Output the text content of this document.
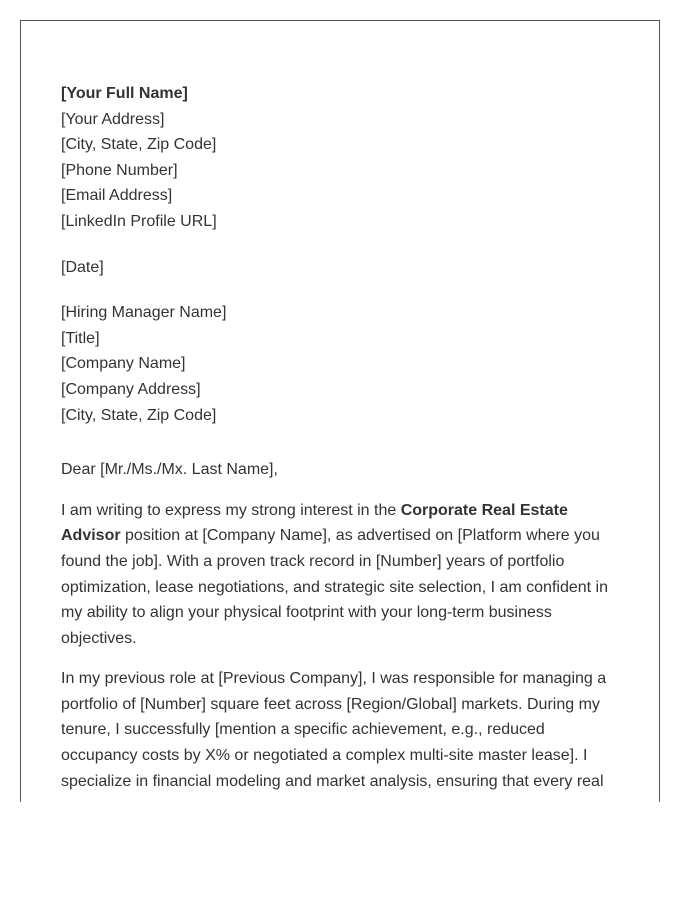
[Your Full Name]
[Your Address]
[City, State, Zip Code]
[Phone Number]
[Email Address]
[LinkedIn Profile URL]
[Date]
[Hiring Manager Name]
[Title]
[Company Name]
[Company Address]
[City, State, Zip Code]
Dear [Mr./Ms./Mx. Last Name],
I am writing to express my strong interest in the Corporate Real Estate Advisor position at [Company Name], as advertised on [Platform where you found the job]. With a proven track record in [Number] years of portfolio optimization, lease negotiations, and strategic site selection, I am confident in my ability to align your physical footprint with your long-term business objectives.
In my previous role at [Previous Company], I was responsible for managing a portfolio of [Number] square feet across [Region/Global] markets. During my tenure, I successfully [mention a specific achievement, e.g., reduced occupancy costs by X% or negotiated a complex multi-site master lease]. I specialize in financial modeling and market analysis, ensuring that every real
